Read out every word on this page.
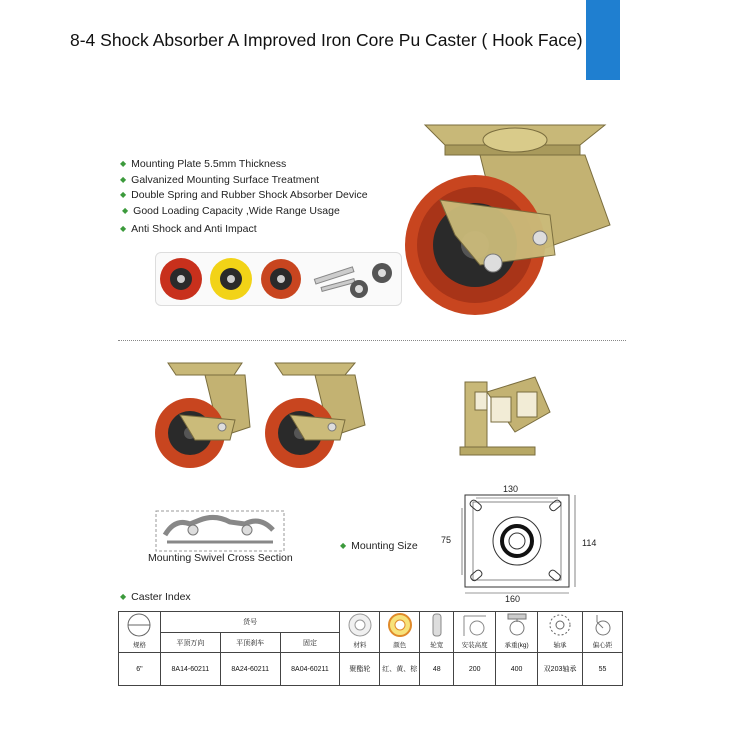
8-4 Shock Absorber A Improved Iron Core Pu Caster ( Hook Face)
◆ Mounting Plate 5.5mm Thickness
◆ Galvanized Mounting Surface Treatment
◆ Double Spring and Rubber Shock Absorber Device
◆ Good Loading Capacity ,Wide Range Usage
◆ Anti Shock and Anti Impact
Mounting Swivel Cross Section
◆ Mounting Size
130
75	114
160
◆ Caster Index
规格	货号			材料	颜色	轮宽	安装高度	承重(kg)	轴承	偏心距

	平顶万向	平顶刹车	固定							
6"	8A14-60211	8A24-60211	8A04-60211	聚酯轮	红、黄、棕	48	200	400	双203轴承	55
